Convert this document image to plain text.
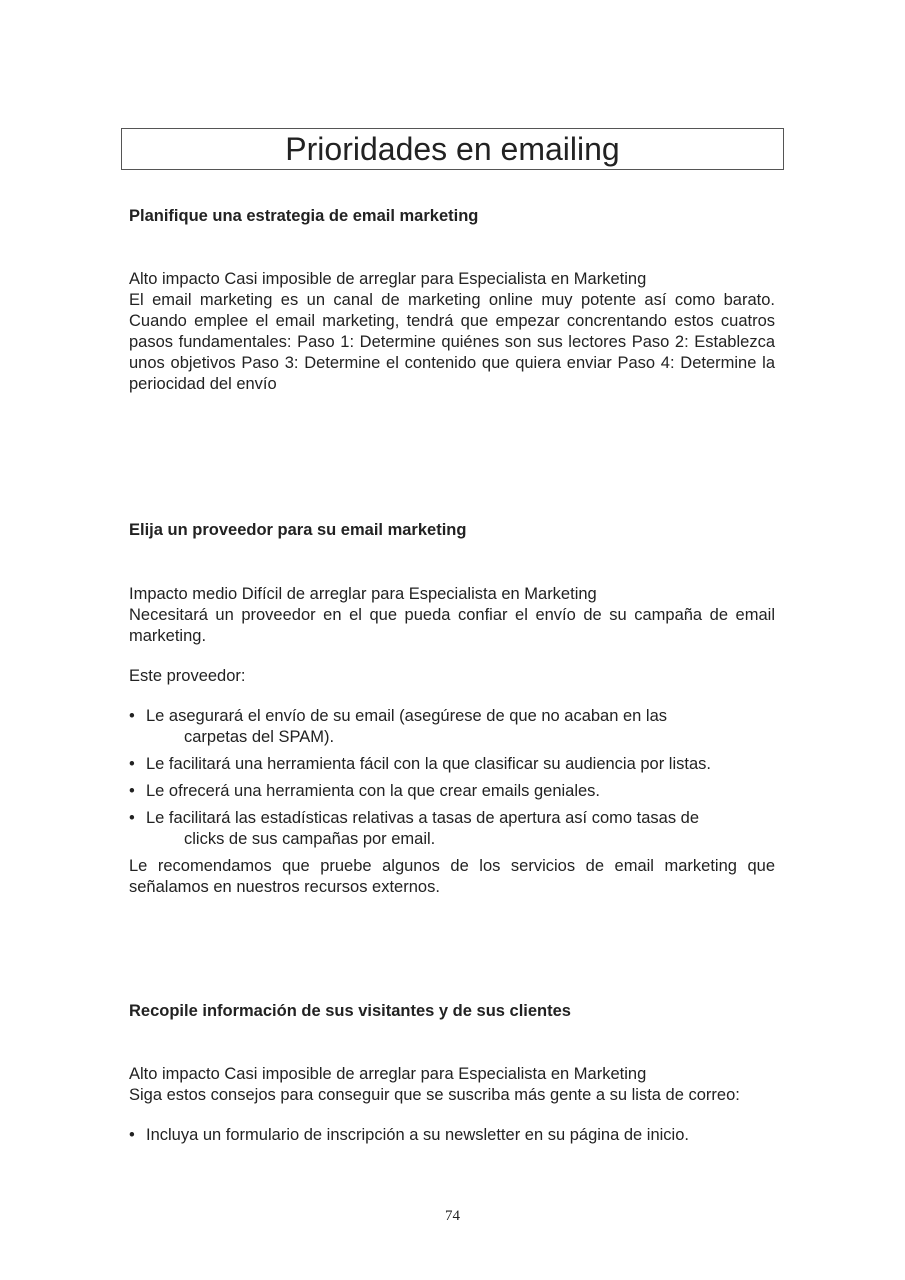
Prioridades en emailing
Planifique una estrategia de email marketing

Alto impacto Casi imposible de arreglar para Especialista en Marketing

El email marketing es un canal de marketing online muy potente así como barato. Cuando emplee el email marketing, tendrá que empezar concrentando estos cuatros pasos fundamentales: Paso 1: Determine quiénes son sus lectores Paso 2: Establezca unos objetivos Paso 3: Determine el contenido que quiera enviar Paso 4: Determine la periocidad del envío

Elija un proveedor para su email marketing

Impacto medio Difícil de arreglar para Especialista en Marketing

Necesitará un proveedor en el que pueda confiar el envío de su campaña de email marketing.

Este proveedor:

• Le asegurará el envío de su email (asegúrese de que no acaban en las
carpetas del SPAM).
• Le facilitará una herramienta fácil con la que clasificar su audiencia por listas.
• Le ofrecerá una herramienta con la que crear emails geniales.
• Le facilitará las estadísticas relativas a tasas de apertura así como tasas de
clicks de sus campañas por email.

Le recomendamos que pruebe algunos de los servicios de email marketing que señalamos en nuestros recursos externos.

Recopile información de sus visitantes y de sus clientes

Alto impacto Casi imposible de arreglar para Especialista en Marketing

Siga estos consejos para conseguir que se suscriba más gente a su lista de correo:

• Incluya un formulario de inscripción a su newsletter en su página de inicio.
74
